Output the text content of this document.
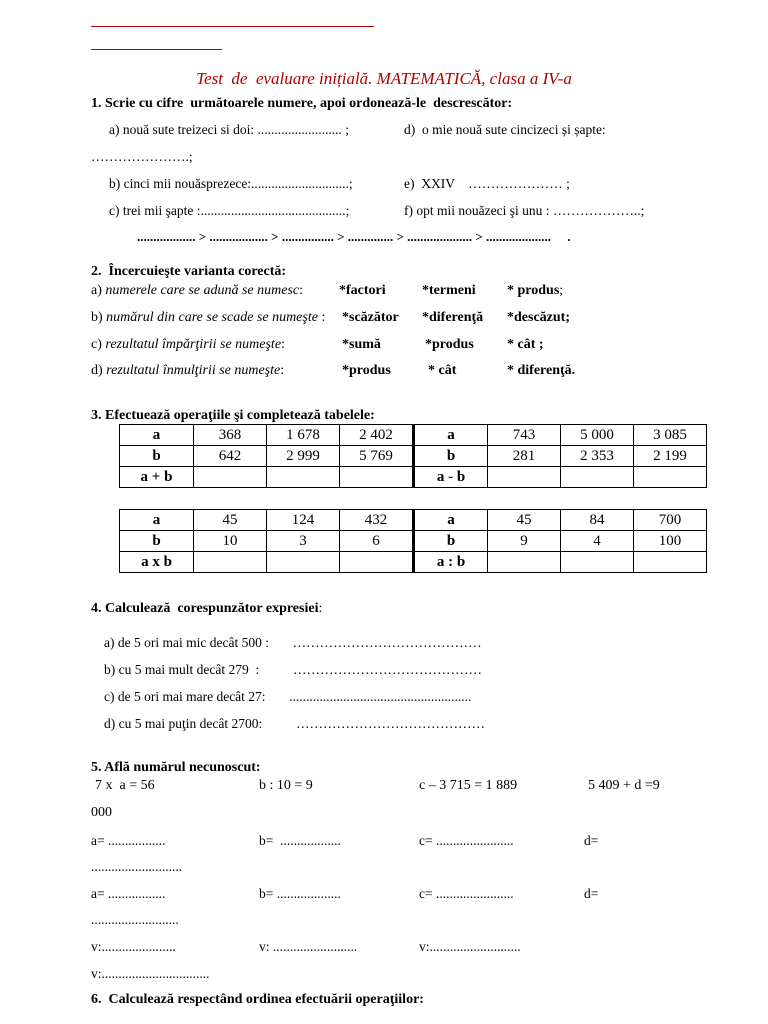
Test  de  evaluare inițială. MATEMATICĂ, clasa a IV-a
1. Scrie cu cifre  următoarele numere, apoi ordonează-le  descrescător:
a) nouă sute treizeci si doi: ......................... ;	d)  o mie nouă sute cincizeci și șapte:
………………….;
b) cinci mii nouăsprezece:.............................;	e)  XXIV    ………………… ;
c) trei mii şapte :...........................................;	f) opt mii nouăzeci şi unu : ………………..;
.................. > .................. > ................ > .............. > .................... > ....................     .
2.  Încercuieşte varianta corectă:
a) numerele care se adună se numesc:	*factori	*termeni * produs;
b) numărul din care se scade se numeşte : *scăzător *diferenţă *descăzut;
c) rezultatul împărţirii se numeşte:	*sumă	*produs * cât ;
d) rezultatul înmulţirii se numeşte:	*produs	* cât	* diferenţă.
3. Efectuează operaţiile şi completează tabelele:
a	368	1 678	2 402	a	743	5 000	3 085
b	642	2 999	5 769	b	281	2 353	2 199
a + b				a - b			
a	45	124	432	a	45	84	700
b	10	3	6	b	9	4	100
a x b				a : b			
4. Calculează  corespunzător expresiei:
a) de 5 ori mai mic decât 500 :       ……………………………………
b) cu 5 mai mult decât 279  :          ……………………………………
c) de 5 ori mai mare decât 27:       ......................................................
d) cu 5 mai puţin decât 2700:          ……………………………………
5. Află numărul necunoscut:
7 x  a = 56	b : 10 = 9	c – 3 715 = 1 889	5 409 + d =9
000
a= .................	b=  ..................	c= .......................	d=
...........................
a= .................	b= ...................	c= .......................	d=
..........................
v:......................	v: .........................	v:...........................
v:................................
6.  Calculează respectând ordinea efectuării operaţiilor:
